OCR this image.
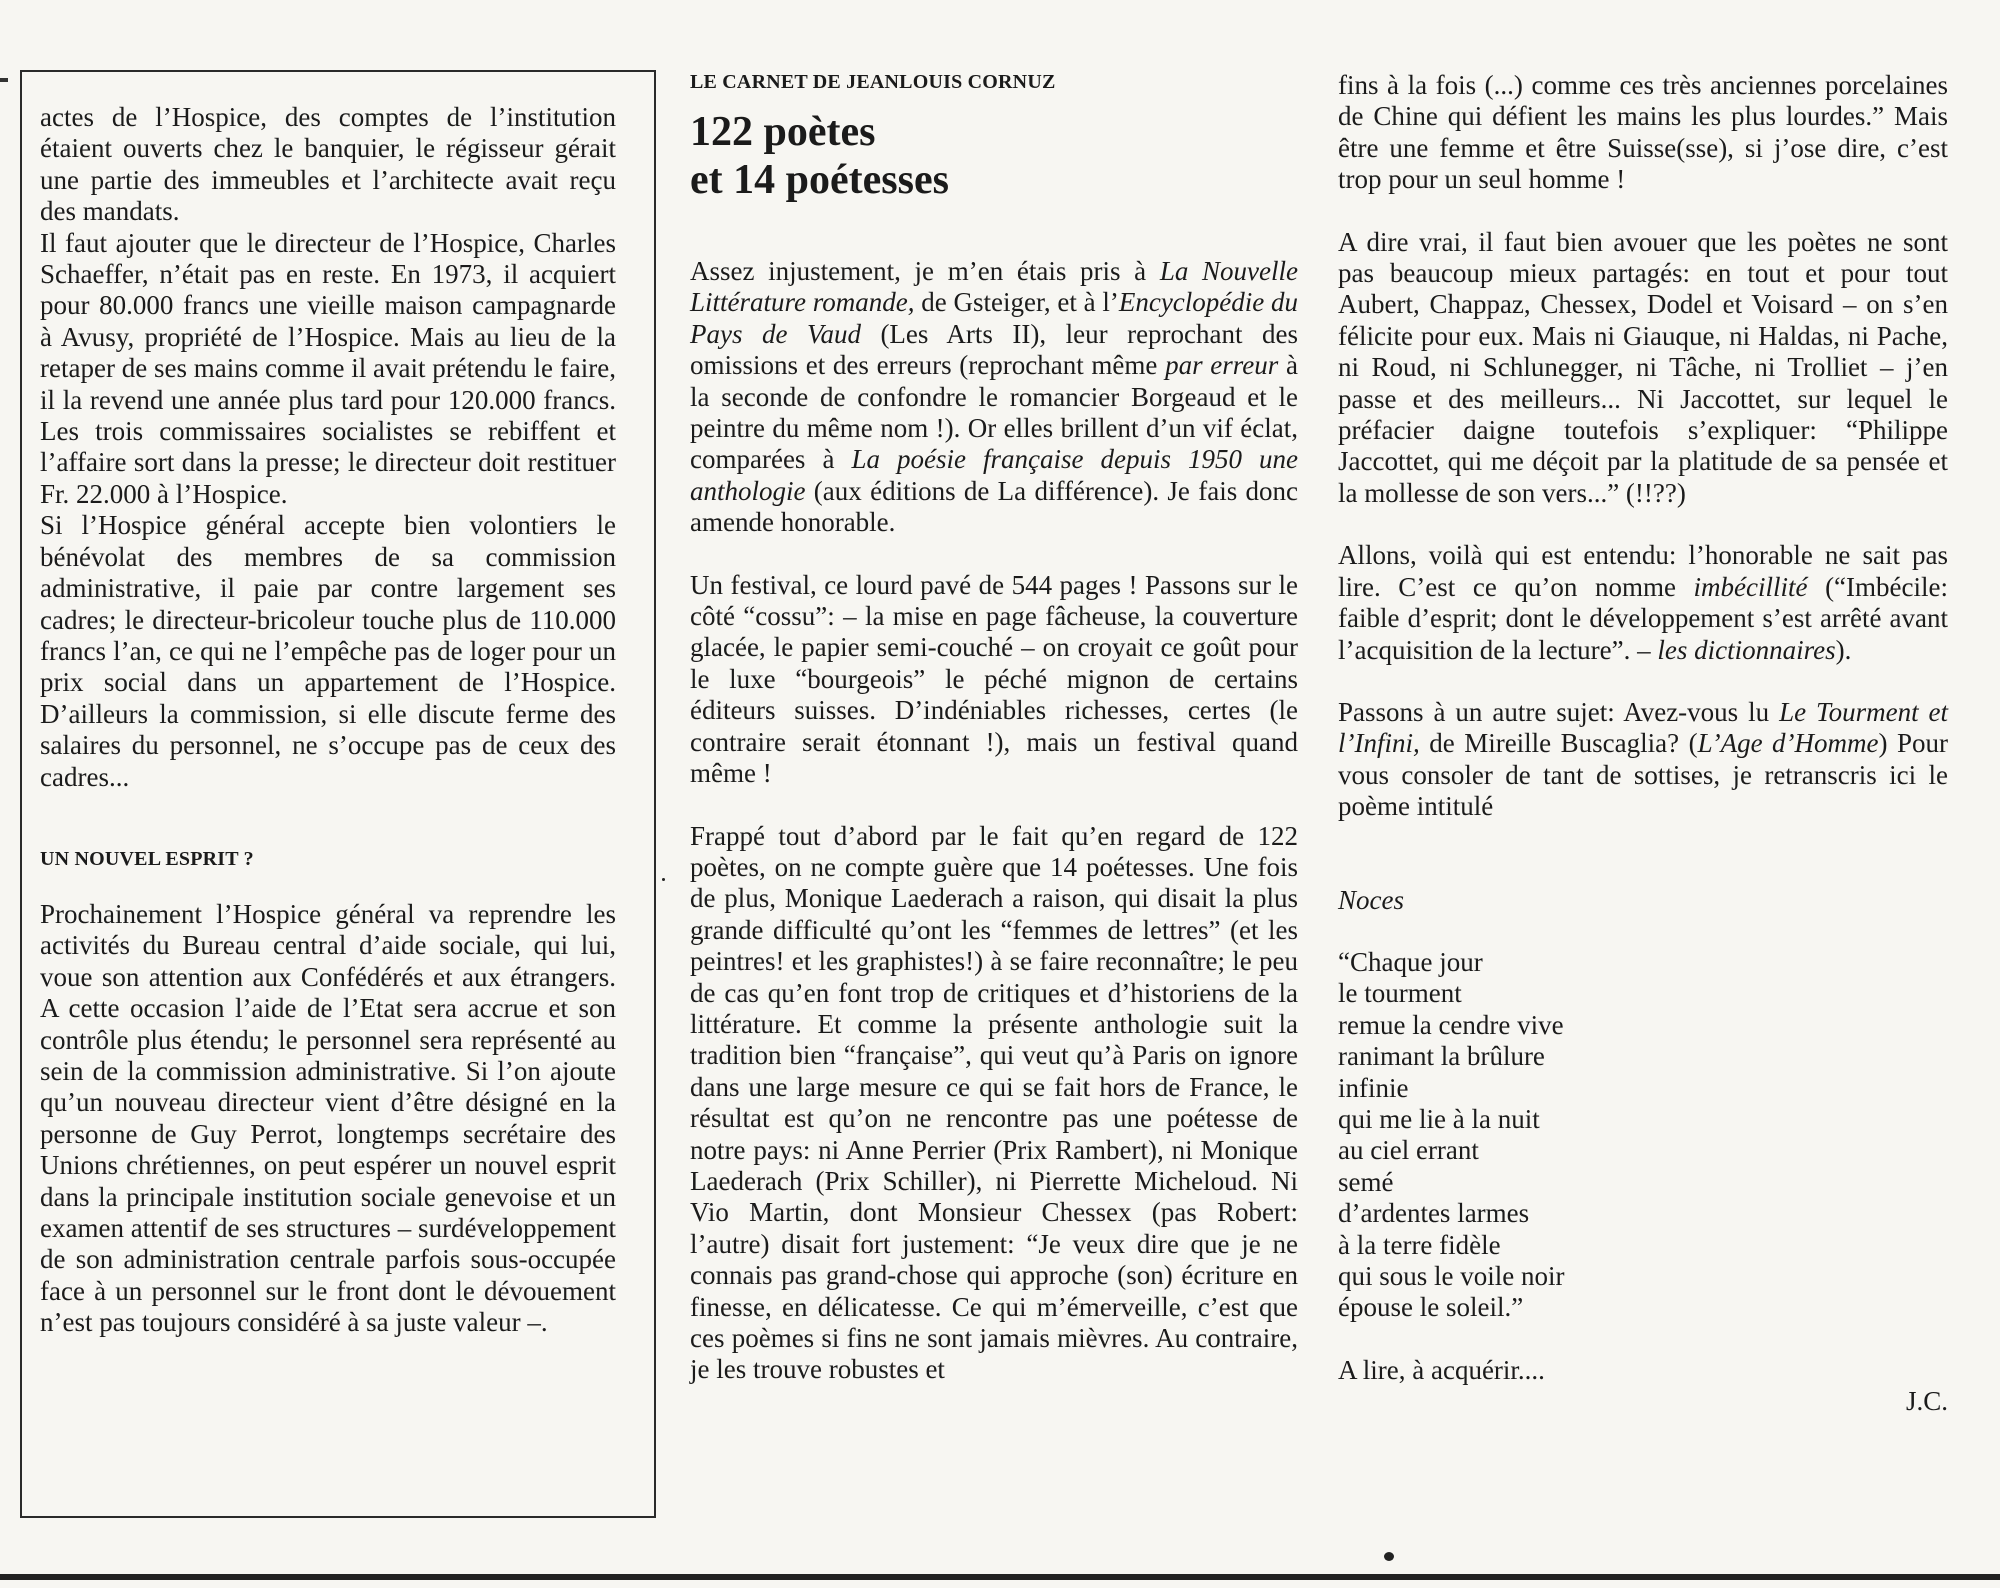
actes de l’Hospice, des comptes de l’institution étaient ouverts chez le banquier, le régisseur gérait une partie des immeubles et l’architecte avait reçu des mandats.

Il faut ajouter que le directeur de l’Hospice, Charles Schaeffer, n’était pas en reste. En 1973, il acquiert pour 80.000 francs une vieille maison campagnarde à Avusy, propriété de l’Hospice. Mais au lieu de la retaper de ses mains comme il avait prétendu le faire, il la revend une année plus tard pour 120.000 francs. Les trois commissaires socialistes se rebiffent et l’affaire sort dans la presse; le directeur doit restituer Fr. 22.000 à l’Hospice.

Si l’Hospice général accepte bien volontiers le bénévolat des membres de sa commission administrative, il paie par contre largement ses cadres; le directeur-bricoleur touche plus de 110.000 francs l’an, ce qui ne l’empêche pas de loger pour un prix social dans un appartement de l’Hospice. D’ailleurs la commission, si elle discute ferme des salaires du personnel, ne s’occupe pas de ceux des cadres...

UN NOUVEL ESPRIT ?

Prochainement l’Hospice général va reprendre les activités du Bureau central d’aide sociale, qui lui, voue son attention aux Confédérés et aux étrangers. A cette occasion l’aide de l’Etat sera accrue et son contrôle plus étendu; le personnel sera représenté au sein de la commission administrative. Si l’on ajoute qu’un nouveau directeur vient d’être désigné en la personne de Guy Perrot, longtemps secrétaire des Unions chrétiennes, on peut espérer un nouvel esprit dans la principale institution sociale genevoise et un examen attentif de ses structures – surdéveloppement de son administration centrale parfois sous-occupée face à un personnel sur le front dont le dévouement n’est pas toujours considéré à sa juste valeur –.

LE CARNET DE JEANLOUIS CORNUZ

122 poètes
et 14 poétesses

Assez injustement, je m’en étais pris à La Nouvelle Littérature romande, de Gsteiger, et à l’Encyclopédie du Pays de Vaud (Les Arts II), leur reprochant des omissions et des erreurs (reprochant même par erreur à la seconde de confondre le romancier Borgeaud et le peintre du même nom !). Or elles brillent d’un vif éclat, comparées à La poésie française depuis 1950 une anthologie (aux éditions de La différence). Je fais donc amende honorable.

Un festival, ce lourd pavé de 544 pages ! Passons sur le côté “cossu”: – la mise en page fâcheuse, la couverture glacée, le papier semi-couché – on croyait ce goût pour le luxe “bourgeois” le péché mignon de certains éditeurs suisses. D’indéniables richesses, certes (le contraire serait étonnant !), mais un festival quand même !

Frappé tout d’abord par le fait qu’en regard de 122 poètes, on ne compte guère que 14 poétesses. Une fois de plus, Monique Laederach a raison, qui disait la plus grande difficulté qu’ont les “femmes de lettres” (et les peintres! et les graphistes!) à se faire reconnaître; le peu de cas qu’en font trop de critiques et d’historiens de la littérature. Et comme la présente anthologie suit la tradition bien “française”, qui veut qu’à Paris on ignore dans une large mesure ce qui se fait hors de France, le résultat est qu’on ne rencontre pas une poétesse de notre pays: ni Anne Perrier (Prix Rambert), ni Monique Laederach (Prix Schiller), ni Pierrette Micheloud. Ni Vio Martin, dont Monsieur Chessex (pas Robert: l’autre) disait fort justement: “Je veux dire que je ne connais pas grand-chose qui approche (son) écriture en finesse, en délicatesse. Ce qui m’émerveille, c’est que ces poèmes si fins ne sont jamais mièvres. Au contraire, je les trouve robustes et

fins à la fois (...) comme ces très anciennes porcelaines de Chine qui défient les mains les plus lourdes.” Mais être une femme et être Suisse(sse), si j’ose dire, c’est trop pour un seul homme !

A dire vrai, il faut bien avouer que les poètes ne sont pas beaucoup mieux partagés: en tout et pour tout Aubert, Chappaz, Chessex, Dodel et Voisard – on s’en félicite pour eux. Mais ni Giauque, ni Haldas, ni Pache, ni Roud, ni Schlunegger, ni Tâche, ni Trolliet – j’en passe et des meilleurs... Ni Jaccottet, sur lequel le préfacier daigne toutefois s’expliquer: “Philippe Jaccottet, qui me déçoit par la platitude de sa pensée et la mollesse de son vers...” (!!??)

Allons, voilà qui est entendu: l’honorable ne sait pas lire. C’est ce qu’on nomme imbécillité (“Imbécile: faible d’esprit; dont le développement s’est arrêté avant l’acquisition de la lecture”. – les dictionnaires).

Passons à un autre sujet: Avez-vous lu Le Tourment et l’Infini, de Mireille Buscaglia? (L’Age d’Homme) Pour vous consoler de tant de sottises, je retranscris ici le poème intitulé

Noces

“Chaque jour
le tourment
remue la cendre vive
ranimant la brûlure
infinie
qui me lie à la nuit
au ciel errant
semé
d’ardentes larmes
à la terre fidèle
qui sous le voile noir
épouse le soleil.”

A lire, à acquérir....

J.C.
